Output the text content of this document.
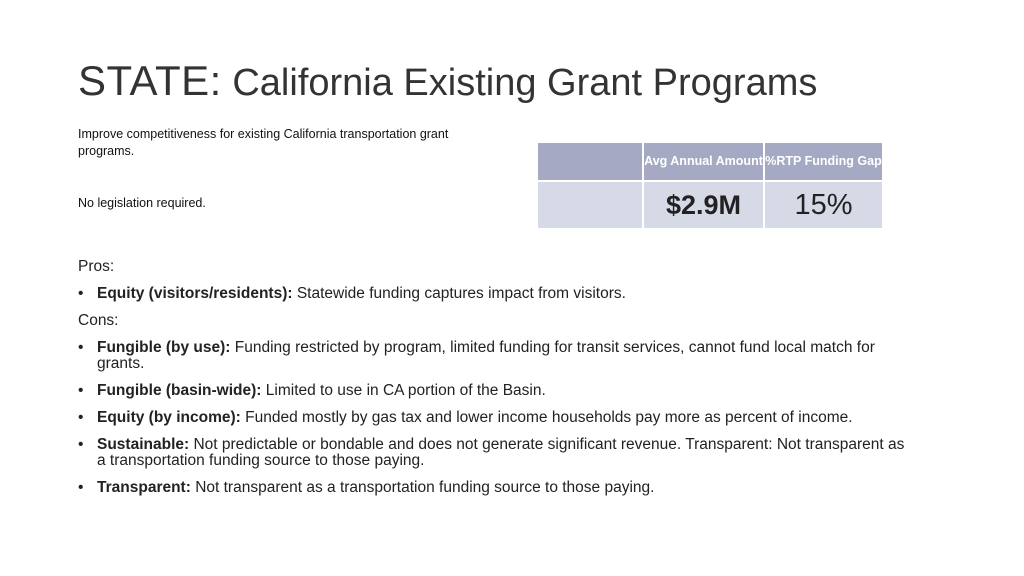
STATE: California Existing Grant Programs
Improve competitiveness for existing California transportation grant programs.
No legislation required.
	Avg Annual Amount	%RTP Funding Gap
	$2.9M	15%
Pros:
• Equity (visitors/residents): Statewide funding captures impact from visitors.
Cons:
• Fungible (by use): Funding restricted by program, limited funding for transit services, cannot fund local match for grants.
• Fungible (basin-wide): Limited to use in CA portion of the Basin.
• Equity (by income): Funded mostly by gas tax and lower income households pay more as percent of income.
• Sustainable: Not predictable or bondable and does not generate significant revenue. Transparent: Not transparent as a transportation funding source to those paying.
• Transparent: Not transparent as a transportation funding source to those paying.
